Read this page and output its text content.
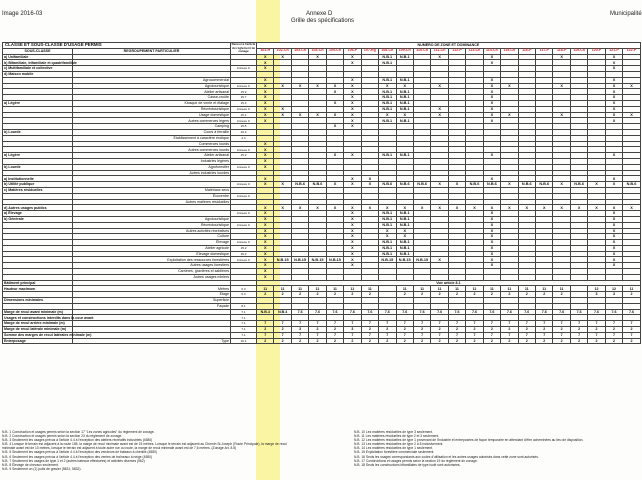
Image 2016-03	Annexe D
Grille des spécifications
Municipalité
CLASSE ET SOUS-CLASSE D'USAGE PERMIS		Renvoi à l'article du règlement de zonage	NUMÉRO DE ZONE ET DOMINANCE																					
SOUS-CLASSE	REGROUPEMENT PARTICULIER		101-H	102-Ch	103-Ch	104-Ch	105-Ch	106-P	107-Rg	108-Ch	109-Ch	110-Ch	111-Ch	112-P	113-Ch	114-Ch	115-Ch	116-P	117-P	118-P	119-Ch	120-P	121-P	122-P
a) Unifamiliale			X	X		X		X		N.B.1	N.B.1		X			X				X			X	
b) Bifamiliale, trifamiliale et quadrifamiliale			X					X		N.B.1						X							X	
c) Multifamiliale et collective		Annexe C	X																				X	
d) Maison mobile																								
	Agrocommercial		X					X		N.B.1	N.B.1					X							X	
	Agrotouristique	Annexe C	X	X	X	X	X	X		X	X		X			X	X			X			X	X
	Atelier artisanal	15.2	X				X	X		N.B.1	N.B.1					X							X	
	Casse-croûte	15.7	X					X		N.B.1	N.B.1					X							X	
a) Légère	Kiosque de vente et étalage	15.3	X				X	X		N.B.1	N.B.1					X							X	
	Récréotouristique	Annexe C	X	X				X		N.B.1	N.B.1		X			X							X	
	Usage domestique	15.1	X	X	X	X	X	X		X	X		X			X	X			X			X	X
	Autres commerces légers	Annexe C	X					X		N.B.1	N.B.1					X							X	
	Camping	15.5					X	X																
b) Lourde	Cours à ferraille	16.2																						
	Établissement à caractère érotique	4.4																						
	Commerces lourds		X																					
	Autres commerces lourds	Annexe C	X																					
a) Légère	Atelier artisanal	15.2	X				X	X		N.B.1	N.B.1					X							X	
	Industries légères		X																					
b) Lourde	Agroforestier	Annexe C	X																					
	Autres industries lourdes																							
a) Institutionnelle			X					X	X							X							X	
b) Utilité publique		Annexe C	X	X	N.B.6	N.B.6	X	X	X	N.B.6	N.B.6	N.B.6	X	X	N.B.6	N.B.6	X	N.B.6	N.B.6	X	N.B.6	X	X	N.B.6
c) Matières résiduelles	Matériaux secs																							
	Écocentre	Annexe C																						
	Autres matières résiduelles																							
d) Autres usages publics			X	X	X	X	X	X	X	X	X	X	X	X	X	X	X	X	X	X	X	X	X	X
a) Élevage		Annexe C	X					X		N.B.1	N.B.1					X							X	
b) Générale	Agrotouristique		X					X		N.B.1	N.B.1					X							X	
	Récréotouristique	Annexe C	X					X		N.B.1	N.B.1					X							X	
	Autres activités récréatives		X					X		X	X					X							X	
	Culture		X					X		X	X					X							X	
	Élevage	Annexe C	X					X		N.B.1	N.B.1					X							X	
	Atelier agricole	15.2	X					X		N.B.1	N.B.1					X							X	
	Élevage domestique	15.3	X					X		N.B.1	N.B.1					X							X	
	Exploitation des ressources forestières	Annexe C	X	N.B.15	N.B.15	N.B.15	N.B.15	X		N.B.15	N.B.15	N.B.15	X			X							X	
	Autres usages forestiers		X					X								X							X	
	Carrières, gravières et sablières		X																					
	Autres usages miniers		X																					
Bâtiment principal			Voir article 8.1																					
Hauteur maximum	Mètres	6.3	11	11	11	11	11	11	11		11	11	11	11	11	11	11	11	11	11		12	12	11
	Étage	6.3	2	2	2	2	2	2	2		2	2	2	2	2	2	2	2	2	2		3	3	2
Dimensions minimales	Superficie																							
	Façade	8.1																						
Marge de recul avant minimale (m)		7.1	N.B.4	N.B.4	7.6	7.6	7.6	7.6	7.6	7.6	7.6	7.6	7.6	7.6	7.6	7.6	7.6	7.6	7.6	7.6	7.6	7.6	7.6	7.6
Usages et constructions interdits dans la cour avant		7.1																						
Marge de recul arrière minimale (m)		7.1	7	7	7	7	7	7	7	7	7	7	7	7	7	7	7	7	7	7	7	7	7	7
Marge de recul latérale minimale (m)		7.1	2	2	3	2	2	3	2	2	2	2	2	2	2	2	2	2	2	2	2	2	2	2
Somme des marges de recul latérales minimale (m)		7.1	7	7	7	7	7	7	7	7	7	7	7	7	7	7	7	7	7	7	7	7	7	7
Entreposage	Type	16.1	2	2	2	2	2	2	2	2	2	2	2	2	2	2	2	2	2	2	2	2	2	2
N.B. 1 Construction et usages permis selon la section 17 "Les zones agricoles" du règlement de zonage.
N.B. 2 Construction et usages permis selon la section 23 du règlement de zonage.
N.B. 3 Seulement les usages prévus à l'article 4.4 à l'exception des ateliers récréatifs industriels (4580)
N.B. 4 Lorsque le terrain est adjacent à la route 155, la marge de recul minimale avant est de 15 mètres. Lorsque le terrain est adjacent au Chemin St-Joseph (Route Principale), la marge de recul
minimale avant est de 10 mètres, lorsque le terrain est adjacent à toute autre rue ou route, la marge de recul minimale avant est de 7,6 mètres. (Zonage Art. 8.5)
N.B. 5 Seulement les usages prévus à l'article 4.4 à l'exception des vendeurs de bateaux à chenille (4580)
N.B. 6 Seulement les usages prévus à l'article 4.4 à l'exception des ventes de traîneaux à neige (4580)
N.B. 7 Seulement les usages de type 1 et 2 (autres bateaux effectuées) et activités diverses (562)
N.B. 8 Élevage de chevaux seulement.
N.B. 9 Seulement un (1) puits de gravier (5831, 5832).
N.B. 10 Les matières résiduelles de type 3 seulement.
N.B. 11 Les matières résiduelles de type 2 et 3 seulement.
N.B. 12 Les matières résiduelles de type 1 provenant de l'industrie et entreposées de façon temporaire en attendant d'être acheminées au lieu de disposition.
N.B. 13 Les matières résiduelles de type 2 à 8 inclusivement.
N.B. 14 Les matières résiduelles de type 1 seulement.
N.B. 15 Exploitation forestière commerciale seulement.
N.B. 16 Seuls les usages correspondants aux codes d'utilisation et les autres usages autorisés dans cette zone sont autorisés.
N.B. 17 Constructions et usages permis selon la section 19 du règlement de zonage.
N.B. 18 Seuls les constructions bifamiliales de type isolé sont autorisées.
